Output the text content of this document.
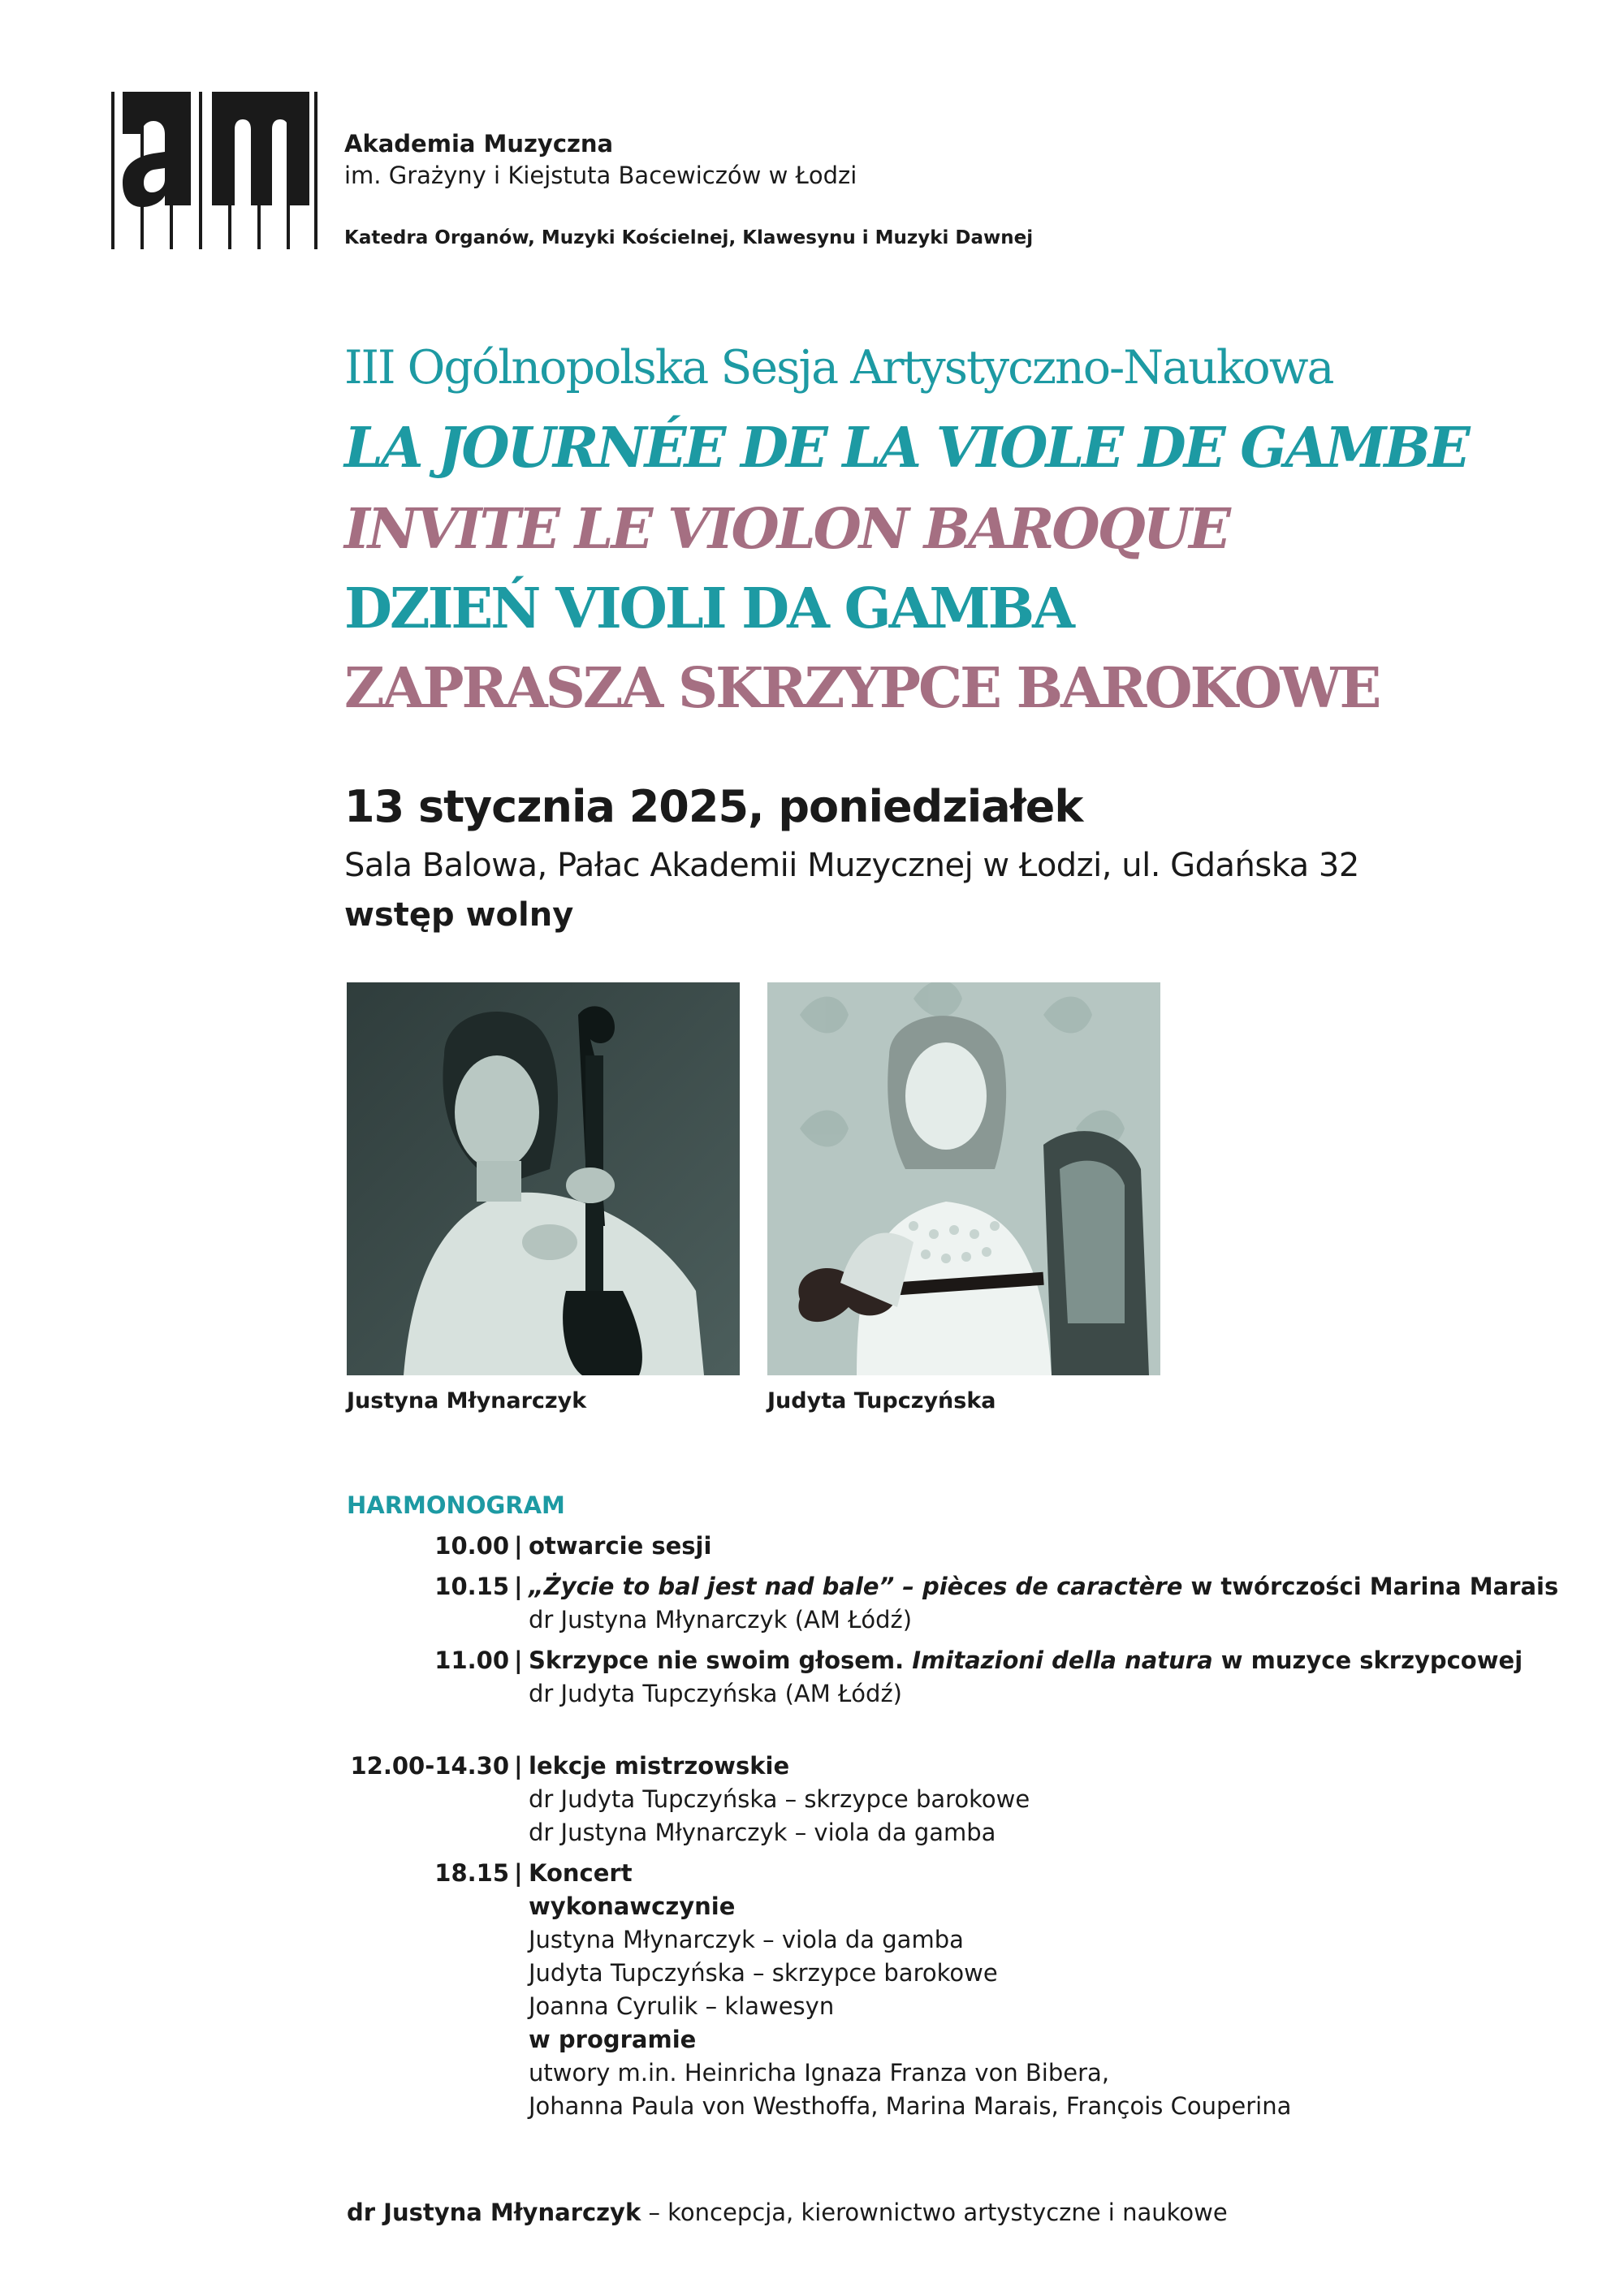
Akademia Muzyczna
im. Grażyny i Kiejstuta Bacewiczów w Łodzi
Katedra Organów, Muzyki Kościelnej, Klawesynu i Muzyki Dawnej
III Ogólnopolska Sesja Artystyczno-Naukowa
LA JOURNÉE DE LA VIOLE DE GAMBE
INVITE LE VIOLON BAROQUE
DZIEŃ VIOLI DA GAMBA
ZAPRASZA SKRZYPCE BAROKOWE
13 stycznia 2025, poniedziałek
Sala Balowa, Pałac Akademii Muzycznej w Łodzi, ul. Gdańska 32
wstęp wolny
Justyna Młynarczyk	Judyta Tupczyńska
HARMONOGRAM
10.00 | otwarcie sesji
10.15 | „Życie to bal jest nad bale” – pièces de caractère w twórczości Marina Marais
dr Justyna Młynarczyk (AM Łódź)
11.00 | Skrzypce nie swoim głosem. Imitazioni della natura w muzyce skrzypcowej
dr Judyta Tupczyńska (AM Łódź)
12.00-14.30 | lekcje mistrzowskie
dr Judyta Tupczyńska – skrzypce barokowe
dr Justyna Młynarczyk – viola da gamba
18.15 | Koncert
wykonawczynie
Justyna Młynarczyk – viola da gamba
Judyta Tupczyńska – skrzypce barokowe
Joanna Cyrulik – klawesyn
w programie
utwory m.in. Heinricha Ignaza Franza von Bibera,
Johanna Paula von Westhoffa, Marina Marais, François Couperina
dr Justyna Młynarczyk – koncepcja, kierownictwo artystyczne i naukowe
